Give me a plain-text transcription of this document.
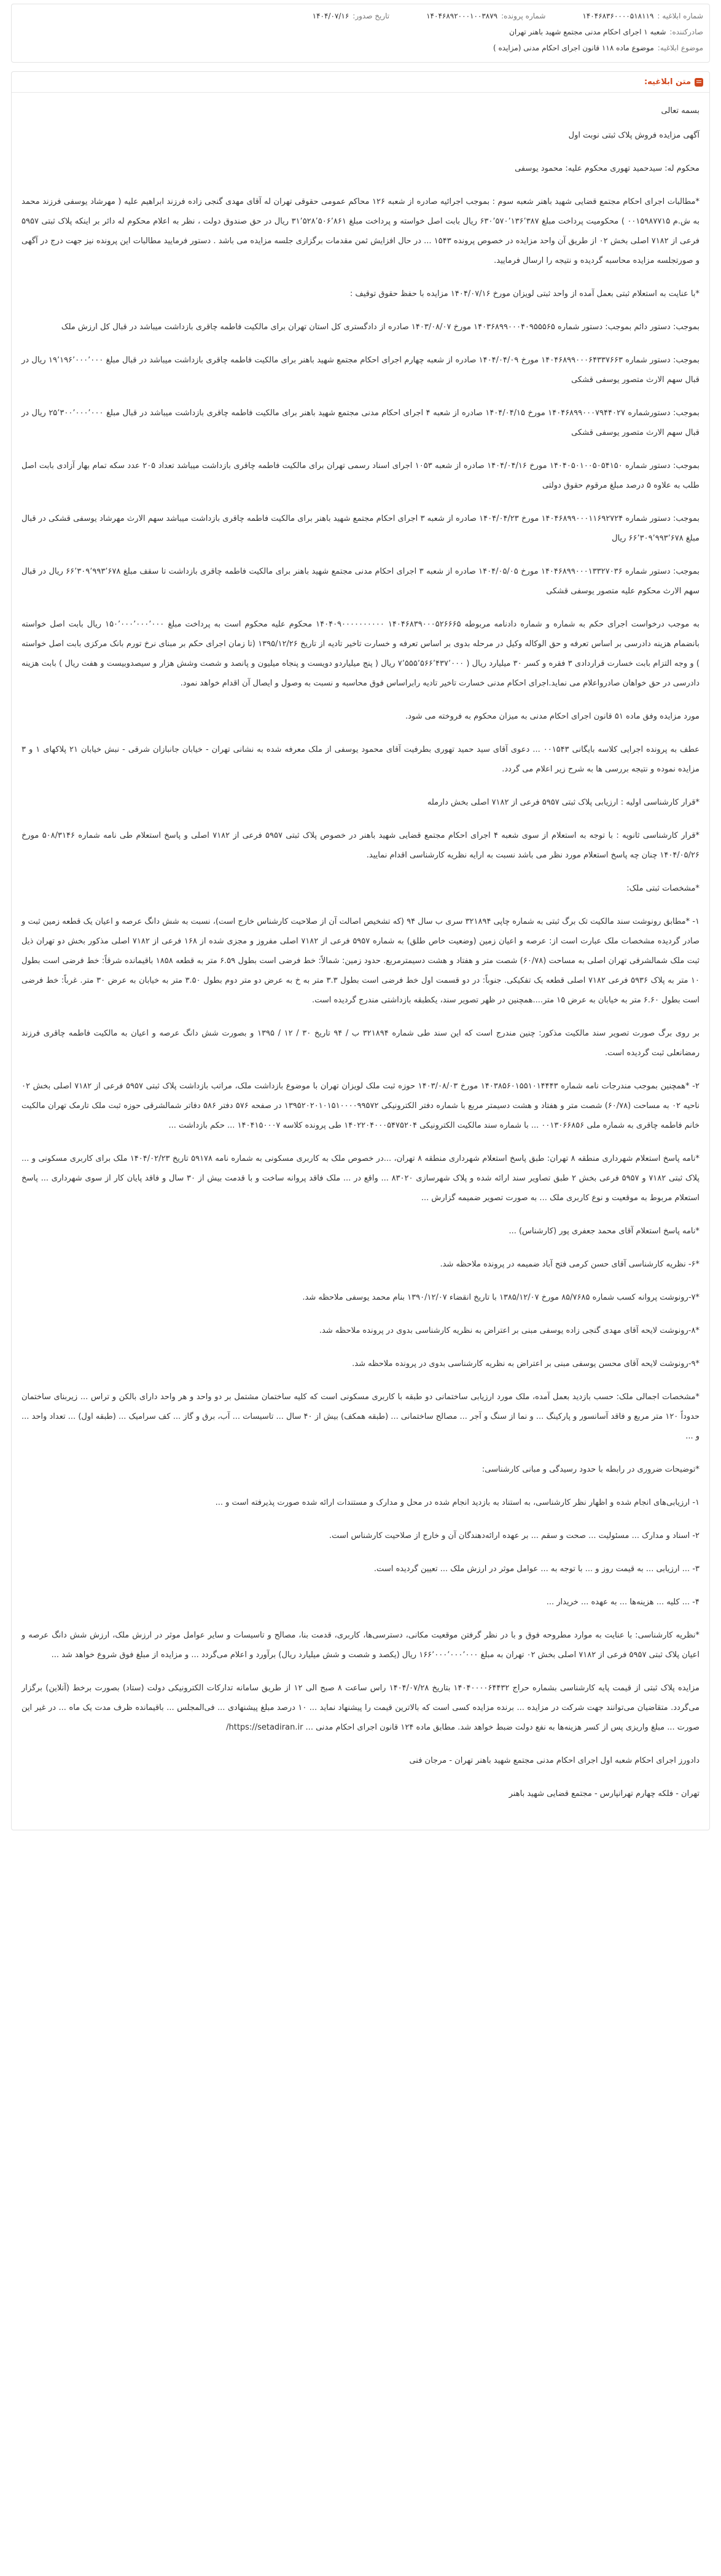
شماره ابلاغیه :
۱۴۰۴۶۸۳۶۰۰۰۰۵۱۸۱۱۹
شماره پرونده:
۱۴۰۴۶۸۹۲۰۰۰۱۰۰۳۸۷۹
تاریخ صدور:
۱۴۰۴/۰۷/۱۶
صادرکننده:
شعبه ۱ اجرای احکام مدنی مجتمع شهید باهنر تهران
موضوع ابلاغیه:
موضوع ماده ۱۱۸ قانون اجرای احکام مدنی (مزایده )
متن ابلاغیه:

بسمه تعالی

آگهی مزایده فروش پلاک ثبتی نوبت اول

محکوم له: سیدحمید تهوری محکوم علیه: محمود یوسفی

*مطالبات اجرای احکام مجتمع قضایی شهید باهنر شعبه سوم : بموجب اجرائیه صادره از شعبه ۱۲۶ محاکم عمومی حقوقی تهران له آقای مهدی گنجی زاده فرزند ابراهیم علیه ( مهرشاد یوسفی فرزند محمد به ش.م ۰۰۱۵۹۸۷۷۱۵ ) محکومیت پرداخت مبلغ ۶۳۰٬۵۷۰٬۱۳۶٬۳۸۷ ریال بابت اصل خواسته و پرداخت مبلغ ۳۱٬۵۲۸٬۵۰۶٬۸۶۱ ریال در حق صندوق دولت ، نظر به اعلام محکوم له دائر بر اینکه پلاک ثبتی ۵۹۵۷ فرعی از ۷۱۸۲ اصلی بخش ۰۲ از طریق آن واحد مزایده در خصوص پرونده ۱۵۴۳ ... در حال افزایش ثمن مقدمات برگزاری جلسه مزایده می باشد . دستور فرمایید مطالبات این پرونده نیز جهت درج در آگهی و صورتجلسه مزایده محاسبه گردیده و نتیجه را ارسال فرمایید.

*با عنایت به استعلام ثبتی بعمل آمده از واحد ثبتی لویزان مورخ ۱۴۰۴/۰۷/۱۶ مزایده با حفظ حقوق توقیف :

بموجب: دستور دائم بموجب: دستور شماره ۱۴۰۳۶۸۹۹۰۰۰۴۰۹۵۵۵۶۵ مورخ ۱۴۰۳/۰۸/۰۷ صادره از دادگستری کل استان تهران برای مالکیت فاطمه چاقری بازداشت میباشد در قبال کل ارزش ملک

بموجب: دستور شماره ۱۴۰۴۶۸۹۹۰۰۰۶۴۳۳۷۶۶۳ مورخ ۱۴۰۴/۰۴/۰۹ صادره از شعبه چهارم اجرای احکام مجتمع شهید باهنر برای مالکیت فاطمه چاقری بازداشت میباشد در قبال مبلغ ۱۹٬۱۹۶٬۰۰۰٬۰۰۰ ریال در قبال سهم الارث متصور یوسفی قشکی

بموجب: دستورشماره ۱۴۰۴۶۸۹۹۰۰۰۷۹۴۴۰۲۷ مورخ ۱۴۰۴/۰۴/۱۵ صادره از شعبه ۴ اجرای احکام مدنی مجتمع شهید باهنر برای مالکیت فاطمه چاقری بازداشت میباشد در قبال مبلغ ۲۵٬۳۰۰٬۰۰۰٬۰۰۰ ریال در قبال سهم الارث متصور یوسفی قشکی

بموجب: دستور شماره ۱۴۰۴۰۵۰۱۰۰۵۰۵۴۱۵۰ مورخ ۱۴۰۴/۰۴/۱۶ صادره از شعبه ۱۰۵۳ اجرای اسناد رسمی تهران برای مالکیت فاطمه چاقری بازداشت میباشد تعداد ۲۰۵ عدد سکه تمام بهار آزادی بابت اصل طلب به علاوه ۵ درصد مبلغ مرقوم حقوق دولتی

بموجب: دستور شماره ۱۴۰۴۶۸۹۹۰۰۰۱۱۶۹۲۷۲۴ مورخ ۱۴۰۴/۰۴/۲۳ صادره از شعبه ۳ اجرای احکام مجتمع شهید باهنر برای مالکیت فاطمه چاقری بازداشت میباشد سهم الارث مهرشاد یوسفی قشکی در قبال مبلغ ۶۶٬۳۰۹٬۹۹۳٬۶۷۸ ریال

بموجب: دستور شماره ۱۴۰۴۶۸۹۹۰۰۰۱۳۳۲۷۰۳۶ مورخ ۱۴۰۴/۰۵/۰۵ صادره از شعبه ۳ اجرای احکام مدنی مجتمع شهید باهنر برای مالکیت فاطمه چاقری بازداشت تا سقف مبلغ ۶۶٬۳۰۹٬۹۹۳٬۶۷۸ ریال در قبال سهم الارث محکوم علیه متصور یوسفی قشکی

به موجب درخواست اجرای حکم به شماره و شماره دادنامه مربوطه ۱۴۰۴۶۸۳۹۰۰۰۵۲۶۶۶۵ ۱۴۰۴۰۹۰۰۰۰۰۰۰۰۰۰ محکوم علیه محکوم است به پرداخت مبلغ ۱۵۰٬۰۰۰٬۰۰۰٬۰۰۰ ریال بابت اصل خواسته بانضمام هزینه دادرسی بر اساس تعرفه و حق الوکاله وکیل در مرحله بدوی بر اساس تعرفه و خسارت تاخیر تادیه از تاریخ ۱۳۹۵/۱۲/۲۶ (تا زمان اجرای حکم بر مبنای نرخ تورم بانک مرکزی بابت اصل خواسته ) و وجه التزام بابت خسارت قراردادی ۳ فقره و کسر ۳۰ میلیارد ریال ( ۷٬۵۵۵٬۵۶۶٬۴۳۷٬۰۰۰ ریال ( پنج میلیاردو دویست و پنجاه میلیون و پانصد و شصت وشش هزار و سیصدوبیست و هفت ریال ) بابت هزینه دادرسی در حق خواهان صادرواعلام می نماید.اجرای احکام مدنی خسارت تاخیر تادیه رابراساس فوق محاسبه و نسبت به وصول و ایصال آن اقدام خواهد نمود.

مورد مزایده وفق ماده ۵۱ قانون اجرای احکام مدنی به میزان محکوم به فروخته می شود.

عطف به پرونده اجرایی کلاسه بایگانی ۰۰۱۵۴۳ ... دعوی آقای سید حمید تهوری بطرفیت آقای محمود یوسفی از ملک معرفه شده به نشانی تهران - خیابان جانبازان شرقی - نبش خیابان ۲۱ پلاکهای ۱ و ۳ مزایده نموده و نتیجه بررسی ها به شرح زیر اعلام می گردد.

*قرار کارشناسی اولیه : ارزیابی پلاک ثبتی ۵۹۵۷ فرعی از ۷۱۸۲ اصلی بخش دارمله

*قرار کارشناسی ثانویه : با توجه به استعلام از سوی شعبه ۴ اجرای احکام مجتمع قضایی شهید باهنر در خصوص پلاک ثبتی ۵۹۵۷ فرعی از ۷۱۸۲ اصلی و پاسخ استعلام طی نامه شماره ۵۰۸/۳۱۴۶ مورخ ۱۴۰۴/۰۵/۲۶ چنان چه پاسخ استعلام مورد نظر می باشد نسبت به ارایه نظریه کارشناسی اقدام نمایید.

*مشخصات ثبتی ملک:

۱- *مطابق رونوشت سند مالکیت تک برگ ثبتی به شماره چاپی ۳۲۱۸۹۴ سری ب سال ۹۴ (که تشخیص اصالت آن از صلاحیت کارشناس خارج است)، نسبت به شش دانگ عرصه و اعیان یک قطعه زمین ثبت و صادر گردیده مشخصات ملک عبارت است از: عرصه و اعیان زمین (وضعیت خاص طلق) به شماره ۵۹۵۷ فرعی از ۷۱۸۲ اصلی مفروز و مجزی شده از ۱۶۸ فرعی از ۷۱۸۲ اصلی مذکور بخش دو تهران ذیل ثبت ملک شمالشرقی تهران اصلی به مساحت (۶۰/۷۸) شصت متر و هفتاد و هشت دسیمترمربع. حدود زمین: شمالاً: خط فرضی است بطول ۶.۵۹ متر به قطعه ۱۸۵۸ باقیمانده شرقاً: خط فرضی است بطول ۱۰ متر به پلاک ۵۹۳۶ فرعی ۷۱۸۲ اصلی قطعه یک تفکیکی. جنوباً: در دو قسمت اول خط فرضی است بطول ۳.۳ متر به خ به عرض دو متر دوم بطول ۳.۵۰ متر به خیابان به عرض ۳۰ متر. غرباً: خط فرضی است بطول ۶.۶۰ متر به خیابان به عرض ۱۵ متر....همچنین در ظهر تصویر سند، یکطبقه بازداشتی مندرج گردیده است.

بر روی برگ صورت تصویر سند مالکیت مذکور: چنین مندرج است که این سند طی شماره ۳۲۱۸۹۴ ب / ۹۴ تاریخ ۳۰ / ۱۲ / ۱۳۹۵ و بصورت شش دانگ عرصه و اعیان به مالکیت فاطمه چاقری فرزند رمضانعلی ثبت گردیده است.

۲- *همچنین بموجب مندرجات نامه شماره ۱۴۰۳۸۵۶۰۱۵۵۱۰۱۴۴۴۳ مورخ ۱۴۰۳/۰۸/۰۳ حوزه ثبت ملک لویزان تهران با موضوع بازداشت ملک، مراتب بازداشت پلاک ثبتی ۵۹۵۷ فرعی از ۷۱۸۲ اصلی بخش ۰۲ ناحیه ۰۲ به مساحت (۶۰/۷۸) شصت متر و هفتاد و هشت دسیمتر مربع با شماره دفتر الکترونیکی ۱۳۹۵۲۰۲۰۱۰۱۵۱۰۰۰۰۹۹۵۷۲ در صفحه ۵۷۶ دفتر ۵۸۶ دفاتر شمالشرقی حوزه ثبت ملک تارمک تهران مالکیت خانم فاطمه چاقری به شماره ملی ۰۰۱۳۰۶۶۸۵۶ ... با شماره سند مالکیت الکترونیکی ۱۴۰۲۲۰۴۰۰۰۵۴۷۵۲۰۴ طی پرونده کلاسه ۱۴۰۴۱۵۰۰۰۷ ... حکم بازداشت ...

*نامه پاسخ استعلام شهرداری منطقه ۸ تهران: طبق پاسخ استعلام شهرداری منطقه ۸ تهران، ...در خصوص ملک به کاربری مسکونی به شماره نامه ۵۹۱۷۸ تاریخ ۱۴۰۴/۰۲/۲۳ ملک برای کاربری مسکونی و ... پلاک ثبتی ۷۱۸۲ و ۵۹۵۷ فرعی بخش ۲ طبق تصاویر سند ارائه شده و پلاک شهرسازی ۸۳۰۲۰ ... واقع در ... ملک فاقد پروانه ساخت و با قدمت بیش از ۳۰ سال و فاقد پایان کار از سوی شهرداری ... پاسخ استعلام مربوط به موقعیت و نوع کاربری ملک ... به صورت تصویر ضمیمه گزارش ...

*نامه پاسخ استعلام آقای محمد جعفری پور (کارشناس) ...

*۶- نظریه کارشناسی آقای حسن کرمی فتح آباد ضمیمه در پرونده ملاحظه شد.

*۷-رونوشت پروانه کسب شماره ۸۵/۷۶۸۵ مورخ ۱۳۸۵/۱۲/۰۷ با تاریخ انقضاء ۱۳۹۰/۱۲/۰۷ بنام محمد یوسفی ملاحظه شد.

*۸-رونوشت لایحه آقای مهدی گنجی زاده یوسفی مبنی بر اعتراض به نظریه کارشناسی بدوی در پرونده ملاحظه شد.

*۹-رونوشت لایحه آقای محسن یوسفی مبنی بر اعتراض به نظریه کارشناسی بدوی در پرونده ملاحظه شد.

*مشخصات اجمالی ملک: حسب بازدید بعمل آمده، ملک مورد ارزیابی ساختمانی دو طبقه با کاربری مسکونی است که کلیه ساختمان مشتمل بر دو واحد و هر واحد دارای بالکن و تراس ... زیربنای ساختمان حدوداً ۱۲۰ متر مربع و فاقد آسانسور و پارکینگ ... و نما از سنگ و آجر ... مصالح ساختمانی ... (طبقه همکف) بیش از ۴۰ سال ... تاسیسات ... آب، برق و گاز ... کف سرامیک ... (طبقه اول) ... تعداد واحد ... و ...

*توضیحات ضروری در رابطه با حدود رسیدگی و مبانی کارشناسی:

۱- ارزیابی‌های انجام شده و اظهار نظر کارشناسی، به استناد به بازدید انجام شده در محل و مدارک و مستندات ارائه شده صورت پذیرفته است و ...

۲- اسناد و مدارک ... مسئولیت ... صحت و سقم ... بر عهده ارائه‌دهندگان آن و خارج از صلاحیت کارشناس است.

۳- ... ارزیابی ... به قیمت روز و ... با توجه به ... عوامل موثر در ارزش ملک ... تعیین گردیده است.

۴- ... کلیه ... هزینه‌ها ... به عهده ... خریدار ...

*نظریه کارشناسی: با عنایت به موارد مطروحه فوق و با در نظر گرفتن موقعیت مکانی، دسترسی‌ها، کاربری، قدمت بنا، مصالح و تاسیسات و سایر عوامل موثر در ارزش ملک، ارزش شش دانگ عرصه و اعیان پلاک ثبتی ۵۹۵۷ فرعی از ۷۱۸۲ اصلی بخش ۰۲ تهران به مبلغ ۱۶۶٬۰۰۰٬۰۰۰٬۰۰۰ ریال (یکصد و شصت و شش میلیارد ریال) برآورد و اعلام می‌گردد ... و مزایده از مبلغ فوق شروع خواهد شد ...

مزایده پلاک ثبتی از قیمت پایه کارشناسی بشماره حراج ۱۴۰۴۰۰۰۰۶۴۴۳۲ بتاریخ ۱۴۰۴/۰۷/۲۸ راس ساعت ۸ صبح الی ۱۲ از طریق سامانه تدارکات الکترونیکی دولت (ستاد) بصورت برخط (آنلاین) برگزار می‌گردد. متقاضیان می‌توانند جهت شرکت در مزایده ... برنده مزایده کسی است که بالاترین قیمت را پیشنهاد نماید ... ۱۰ درصد مبلغ پیشنهادی ... فی‌المجلس ... باقیمانده ظرف مدت یک ماه ... در غیر این صورت ... مبلغ واریزی پس از کسر هزینه‌ها به نفع دولت ضبط خواهد شد. مطابق ماده ۱۲۴ قانون اجرای احکام مدنی ... https://setadiran.ir/

دادورز اجرای احکام شعبه اول اجرای احکام مدنی مجتمع شهید باهنر تهران - مرجان فنی

تهران - فلکه چهارم تهرانپارس - مجتمع قضایی شهید باهنر
